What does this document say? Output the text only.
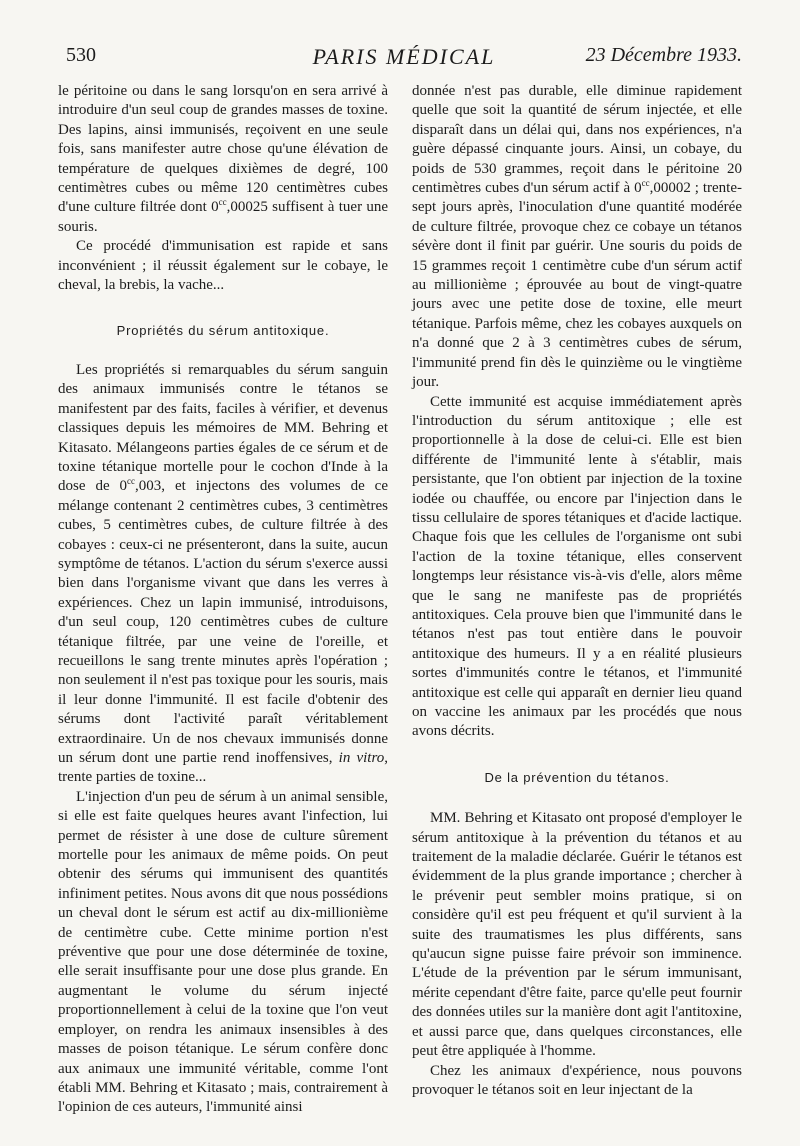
530	PARIS MÉDICAL	23 Décembre 1933.

le péritoine ou dans le sang lorsqu'on en sera arrivé à introduire d'un seul coup de grandes masses de toxine. Des lapins, ainsi immunisés, reçoivent en une seule fois, sans manifester autre chose qu'une élévation de température de quelques dixièmes de degré, 100 centimètres cubes ou même 120 centimètres cubes d'une culture filtrée dont $0^{cc},00025$ suffisent à tuer une souris.

Ce procédé d'immunisation est rapide et sans inconvénient ; il réussit également sur le cobaye, le cheval, la brebis, la vache...

Propriétés du sérum antitoxique.

Les propriétés si remarquables du sérum sanguin des animaux immunisés contre le tétanos se manifestent par des faits, faciles à vérifier, et devenus classiques depuis les mémoires de MM. Behring et Kitasato. Mélangeons parties égales de ce sérum et de toxine tétanique mortelle pour le cochon d'Inde à la dose de $0^{cc},003$, et injectons des volumes de ce mélange contenant 2 centimètres cubes, 3 centimètres cubes, 5 centimètres cubes, de culture filtrée à des cobayes : ceux-ci ne présenteront, dans la suite, aucun symptôme de tétanos. L'action du sérum s'exerce aussi bien dans l'organisme vivant que dans les verres à expériences. Chez un lapin immunisé, introduisons, d'un seul coup, 120 centimètres cubes de culture tétanique filtrée, par une veine de l'oreille, et recueillons le sang trente minutes après l'opération ; non seulement il n'est pas toxique pour les souris, mais il leur donne l'immunité. Il est facile d'obtenir des sérums dont l'activité paraît véritablement extraordinaire. Un de nos chevaux immunisés donne un sérum dont une partie rend inoffensives, in vitro, trente parties de toxine...

L'injection d'un peu de sérum à un animal sensible, si elle est faite quelques heures avant l'infection, lui permet de résister à une dose de culture sûrement mortelle pour les animaux de même poids. On peut obtenir des sérums qui immunisent des quantités infiniment petites. Nous avons dit que nous possédions un cheval dont le sérum est actif au dix-millionième de centimètre cube. Cette minime portion n'est préventive que pour une dose déterminée de toxine, elle serait insuffisante pour une dose plus grande. En augmentant le volume du sérum injecté proportionnellement à celui de la toxine que l'on veut employer, on rendra les animaux insensibles à des masses de poison tétanique. Le sérum confère donc aux animaux une immunité véritable, comme l'ont établi MM. Behring et Kitasato ; mais, contrairement à l'opinion de ces auteurs, l'immunité ainsi

donnée n'est pas durable, elle diminue rapidement quelle que soit la quantité de sérum injectée, et elle disparaît dans un délai qui, dans nos expériences, n'a guère dépassé cinquante jours. Ainsi, un cobaye, du poids de 530 grammes, reçoit dans le péritoine 20 centimètres cubes d'un sérum actif à $0^{cc},00002$ ; trente-sept jours après, l'inoculation d'une quantité modérée de culture filtrée, provoque chez ce cobaye un tétanos sévère dont il finit par guérir. Une souris du poids de 15 grammes reçoit 1 centimètre cube d'un sérum actif au millionième ; éprouvée au bout de vingt-quatre jours avec une petite dose de toxine, elle meurt tétanique. Parfois même, chez les cobayes auxquels on n'a donné que 2 à 3 centimètres cubes de sérum, l'immunité prend fin dès le quinzième ou le vingtième jour.

Cette immunité est acquise immédiatement après l'introduction du sérum antitoxique ; elle est proportionnelle à la dose de celui-ci. Elle est bien différente de l'immunité lente à s'établir, mais persistante, que l'on obtient par injection de la toxine iodée ou chauffée, ou encore par l'injection dans le tissu cellulaire de spores tétaniques et d'acide lactique. Chaque fois que les cellules de l'organisme ont subi l'action de la toxine tétanique, elles conservent longtemps leur résistance vis-à-vis d'elle, alors même que le sang ne manifeste pas de propriétés antitoxiques. Cela prouve bien que l'immunité dans le tétanos n'est pas tout entière dans le pouvoir antitoxique des humeurs. Il y a en réalité plusieurs sortes d'immunités contre le tétanos, et l'immunité antitoxique est celle qui apparaît en dernier lieu quand on vaccine les animaux par les procédés que nous avons décrits.

De la prévention du tétanos.

MM. Behring et Kitasato ont proposé d'employer le sérum antitoxique à la prévention du tétanos et au traitement de la maladie déclarée. Guérir le tétanos est évidemment de la plus grande importance ; chercher à le prévenir peut sembler moins pratique, si on considère qu'il est peu fréquent et qu'il survient à la suite des traumatismes les plus différents, sans qu'aucun signe puisse faire prévoir son imminence. L'étude de la prévention par le sérum immunisant, mérite cependant d'être faite, parce qu'elle peut fournir des données utiles sur la manière dont agit l'antitoxine, et aussi parce que, dans quelques circonstances, elle peut être appliquée à l'homme.

Chez les animaux d'expérience, nous pouvons provoquer le tétanos soit en leur injectant de la
